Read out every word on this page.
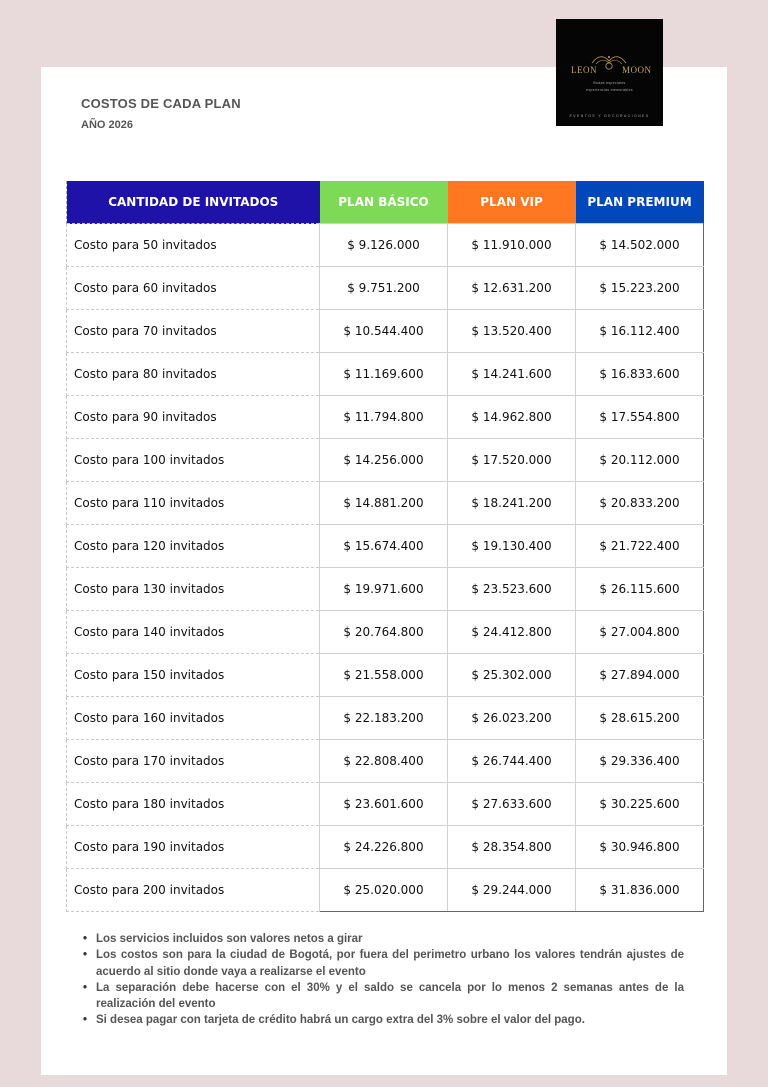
LEON	MOON
Bodas especiales
experiencias memorables
EVENTOS Y DECORACIONES
COSTOS DE CADA PLAN
AÑO 2026
CANTIDAD DE INVITADOS	PLAN BÁSICO	PLAN VIP	PLAN PREMIUM
Costo para 50 invitados	$ 9.126.000	$ 11.910.000	$ 14.502.000
Costo para 60 invitados	$ 9.751.200	$ 12.631.200	$ 15.223.200
Costo para 70 invitados	$ 10.544.400	$ 13.520.400	$ 16.112.400
Costo para 80 invitados	$ 11.169.600	$ 14.241.600	$ 16.833.600
Costo para 90 invitados	$ 11.794.800	$ 14.962.800	$ 17.554.800
Costo para 100 invitados	$ 14.256.000	$ 17.520.000	$ 20.112.000
Costo para 110 invitados	$ 14.881.200	$ 18.241.200	$ 20.833.200
Costo para 120 invitados	$ 15.674.400	$ 19.130.400	$ 21.722.400
Costo para 130 invitados	$ 19.971.600	$ 23.523.600	$ 26.115.600
Costo para 140 invitados	$ 20.764.800	$ 24.412.800	$ 27.004.800
Costo para 150 invitados	$ 21.558.000	$ 25.302.000	$ 27.894.000
Costo para 160 invitados	$ 22.183.200	$ 26.023.200	$ 28.615.200
Costo para 170 invitados	$ 22.808.400	$ 26.744.400	$ 29.336.400
Costo para 180 invitados	$ 23.601.600	$ 27.633.600	$ 30.225.600
Costo para 190 invitados	$ 24.226.800	$ 28.354.800	$ 30.946.800
Costo para 200 invitados	$ 25.020.000	$ 29.244.000	$ 31.836.000
• Los servicios incluidos son valores netos a girar
• Los costos son para la ciudad de Bogotá, por fuera del perimetro urbano los valores tendrán ajustes de acuerdo al sitio donde vaya a realizarse el evento
• La separación debe hacerse con el 30% y el saldo se cancela por lo menos 2 semanas antes de la realización del evento
• Si desea pagar con tarjeta de crédito habrá un cargo extra del 3% sobre el valor del pago.
